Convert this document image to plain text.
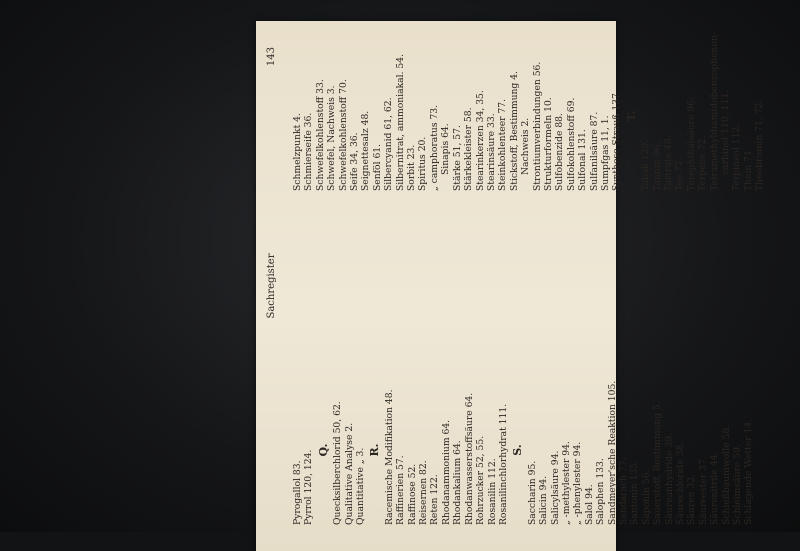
Sachregister
143
Pyrogallol 83. Pyrrol 120, 124. Q. Quecksilberchlorid 50, 62. Qualitative Analyse 2. Quantitative „ 3. R. Racemische Modifikation 48. Raffinerien 57. Raffinose 52. Reisernen 82. Reten 122. Rhodanammonium 64. Rhodankalium 64. Rhodanwasserstoffsäure 64. Rohrzucker 52, 55. Rosanilin 112. Rosanilinchlorhydrat 111. S.
Saccharin 95. Salicin 94. Salicylsäure 94. „ -methylester 94. „ -phenylester 94. Salol 94. Salophen 133. Sandmeyer'sche Reaktion 105. Sandarach 77. Santonin 135. Saponin 56. Sauerstoff, Bestimmung 5. Säureanhydride 39. Säurechloride 38. Säuren 32. Säureester 37. Säurenitrile 44. Schießbaumwolle 58. Schleimsäure 59. Schlagende Wetter 14.
Schmelzpunkt 4. Schmierseife 36. Schwefelkohlenstoff 33. Schwefel, Nachweis 3. Schwefelkohlenstoff 70. Seife 34, 36. Seignettesalz 48. Senföl 61. Silbercyanid 61, 62. Silbernitrat, ammoniakal. 54. Sorbit 23. Spiritus 20. „ camphoratus 73. Sinapis 64. Stärke 51, 57. Stärkekleister 58. Stearinkerzen 34, 35. Stearinsäure 33. Steinkohlenteer 77. Stickstoff, Bestimmung 4. Nachweis 2. Strontiumverbindungen 56. Strukturformeln 10. Sulfobenzide 88. Sulfokohlenstoff 69. Sulfonal 131. Sulfanilsäure 87. Sumpfgas 11, 1. Synthese Strauß 137. T.
Tabak 129. Tannin 96. Tartrate 48. Tee 72. Terephthalsäure 96. Terpene 72. Tetramethyldiamidobenzophenon- carbinol 110, 111. Terpineol 112. Thein 71. Theobromin 71, 72.
